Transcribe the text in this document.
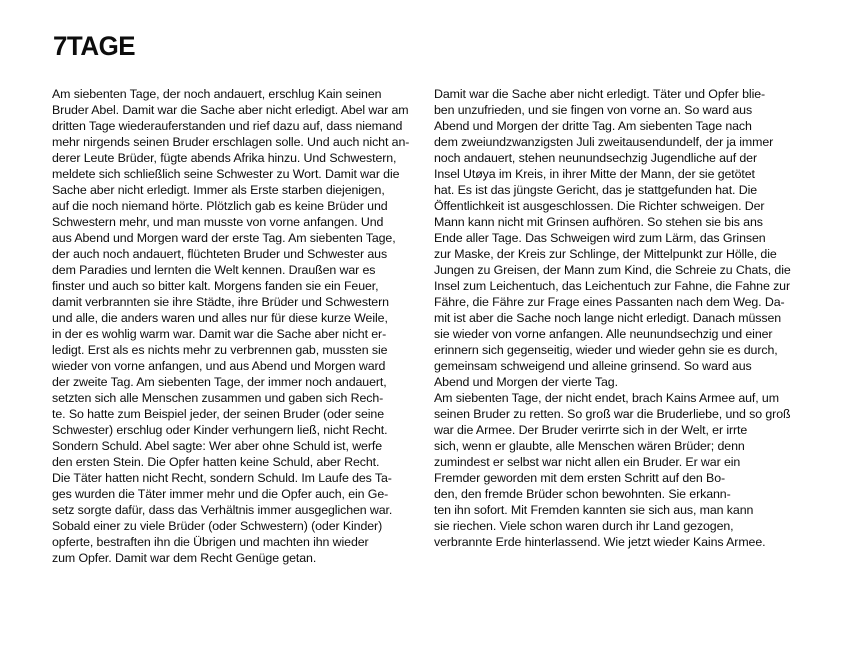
7TAGE
Am siebenten Tage, der noch andauert, erschlug Kain seinen
Bruder Abel. Damit war die Sache aber nicht erledigt. Abel war am
dritten Tage wiederauferstanden und rief dazu auf, dass niemand
mehr nirgends seinen Bruder erschlagen solle. Und auch nicht an-
derer Leute Brüder, fügte abends Afrika hinzu. Und Schwestern,
meldete sich schließlich seine Schwester zu Wort. Damit war die
Sache aber nicht erledigt. Immer als Erste starben diejenigen,
auf die noch niemand hörte. Plötzlich gab es keine Brüder und
Schwestern mehr, und man musste von vorne anfangen. Und
aus Abend und Morgen ward der erste Tag. Am siebenten Tage,
der auch noch andauert, flüchteten Bruder und Schwester aus
dem Paradies und lernten die Welt kennen. Draußen war es
finster und auch so bitter kalt. Morgens fanden sie ein Feuer,
damit verbrannten sie ihre Städte, ihre Brüder und Schwestern
und alle, die anders waren und alles nur für diese kurze Weile,
in der es wohlig warm war. Damit war die Sache aber nicht er-
ledigt. Erst als es nichts mehr zu verbrennen gab, mussten sie
wieder von vorne anfangen, und aus Abend und Morgen ward
der zweite Tag. Am siebenten Tage, der immer noch andauert,
setzten sich alle Menschen zusammen und gaben sich Rech-
te. So hatte zum Beispiel jeder, der seinen Bruder (oder seine
Schwester) erschlug oder Kinder verhungern ließ, nicht Recht.
Sondern Schuld. Abel sagte: Wer aber ohne Schuld ist, werfe
den ersten Stein. Die Opfer hatten keine Schuld, aber Recht.
Die Täter hatten nicht Recht, sondern Schuld. Im Laufe des Ta-
ges wurden die Täter immer mehr und die Opfer auch, ein Ge-
setz sorgte dafür, dass das Verhältnis immer ausgeglichen war.
Sobald einer zu viele Brüder (oder Schwestern) (oder Kinder)
opferte, bestraften ihn die Übrigen und machten ihn wieder
zum Opfer. Damit war dem Recht Genüge getan.
Damit war die Sache aber nicht erledigt. Täter und Opfer blie-
ben unzufrieden, und sie fingen von vorne an. So ward aus
Abend und Morgen der dritte Tag. Am siebenten Tage nach
dem zweiundzwanzigsten Juli zweitausendundelf, der ja immer
noch andauert, stehen neunundsechzig Jugendliche auf der
Insel Utøya im Kreis, in ihrer Mitte der Mann, der sie getötet
hat. Es ist das jüngste Gericht, das je stattgefunden hat. Die
Öffentlichkeit ist ausgeschlossen. Die Richter schweigen. Der
Mann kann nicht mit Grinsen aufhören. So stehen sie bis ans
Ende aller Tage. Das Schweigen wird zum Lärm, das Grinsen
zur Maske, der Kreis zur Schlinge, der Mittelpunkt zur Hölle, die
Jungen zu Greisen, der Mann zum Kind, die Schreie zu Chats, die
Insel zum Leichentuch, das Leichentuch zur Fahne, die Fahne zur
Fähre, die Fähre zur Frage eines Passanten nach dem Weg. Da-
mit ist aber die Sache noch lange nicht erledigt. Danach müssen
sie wieder von vorne anfangen. Alle neunundsechzig und einer
erinnern sich gegenseitig, wieder und wieder gehn sie es durch,
gemeinsam schweigend und alleine grinsend. So ward aus
Abend und Morgen der vierte Tag.
Am siebenten Tage, der nicht endet, brach Kains Armee auf, um
seinen Bruder zu retten. So groß war die Bruderliebe, und so groß
war die Armee. Der Bruder verirrte sich in der Welt, er irrte
sich, wenn er glaubte, alle Menschen wären Brüder; denn
zumindest er selbst war nicht allen ein Bruder. Er war ein
Fremder geworden mit dem ersten Schritt auf den Bo-
den, den fremde Brüder schon bewohnten. Sie erkann-
ten ihn sofort. Mit Fremden kannten sie sich aus, man kann
sie riechen. Viele schon waren durch ihr Land gezogen,
verbrannte Erde hinterlassend. Wie jetzt wieder Kains Armee.
